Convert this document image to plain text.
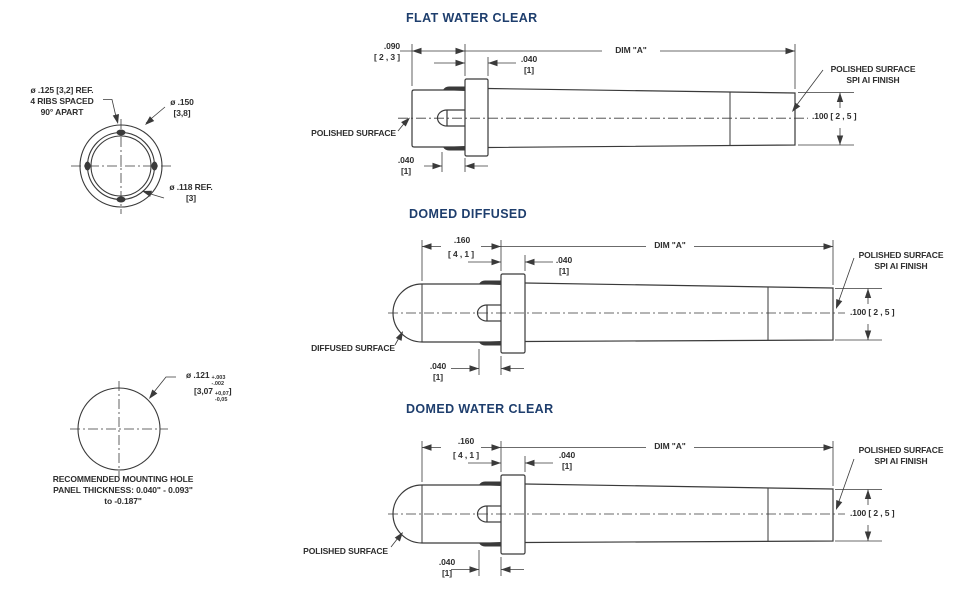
ø .125 [3,2] REF.
4 RIBS SPACED
90° APART
ø .150
[3,8]
ø .118 REF.
[3]
ø .121 +.003
-.002
[3,07 +0,07
-0,05
]
RECOMMENDED MOUNTING HOLE
PANEL THICKNESS: 0.040" - 0.093"
to -0.187"
FLAT WATER CLEAR
.090
[ 2 , 3 ]
DIM "A"
.040
[1]
POLISHED SURFACE
.040
[1]
POLISHED SURFACE
SPI AI FINISH
.100 [ 2 , 5 ]
DOMED DIFFUSED
.160
[ 4 , 1 ]
DIM "A"
.040
[1]
DIFFUSED SURFACE
.040
[1]
POLISHED SURFACE
SPI AI FINISH
.100 [ 2 , 5 ]
DOMED WATER CLEAR
.160
[ 4 , 1 ]
DIM "A"
.040
[1]
POLISHED SURFACE
.040
[1]
POLISHED SURFACE
SPI AI FINISH
.100 [ 2 , 5 ]
